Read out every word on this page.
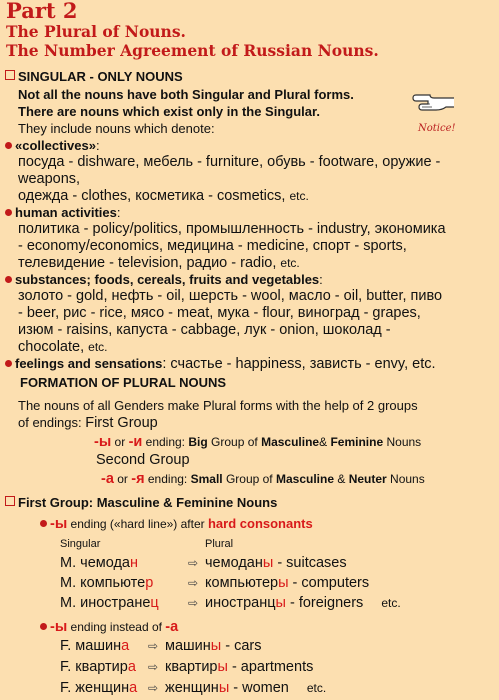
Part 2
The Plural of Nouns.
The Number Agreement of Russian Nouns.
SINGULAR - ONLY NOUNS
Not all the nouns have both Singular and Plural forms.
There are nouns which exist only in the Singular.
They include nouns which denote:	Notice!
«collectives»:
посуда - dishware, мебель - furniture, обувь - footware, оружие -
weapons,
одежда - clothes, косметика - cosmetics, etc.
human activities:
политика - policy/politics, промышленность - industry, экономика
- economy/economics, медицина - medicine, спорт - sports,
телевидение - television, радио - radio, etc.
substances; foods, cereals, fruits and vegetables:
золото - gold, нефть - oil, шерсть - wool, масло - oil, butter, пиво
- beer, рис - rice, мясо - meat, мука - flour, виноград - grapes,
изюм - raisins, капуста - cabbage, лук - onion, шоколад -
chocolate, etc.
feelings and sensations: счастье - happiness, зависть - envy, etc.
FORMATION OF PLURAL NOUNS
The nouns of all Genders make Plural forms with the help of 2 groups
of endings: First Group
-ы or -и ending: Big Group of Masculine& Feminine Nouns
Second Group
-а or -я ending: Small Group of Masculine & Neuter Nouns
First Group: Masculine & Feminine Nouns
-ы ending («hard line») after hard consonants
Singular	Plural
М. чемодан	⇨ чемоданы - suitcases
М. компьютер	⇨ компьютеры - computers
М. иностранец ⇨ иностранцы - foreigners etc.
-ы ending instead of -а
F. машина ⇨ машины - cars
F. квартира ⇨ квартиры - apartments
F. женщина ⇨ женщины - women etc.
